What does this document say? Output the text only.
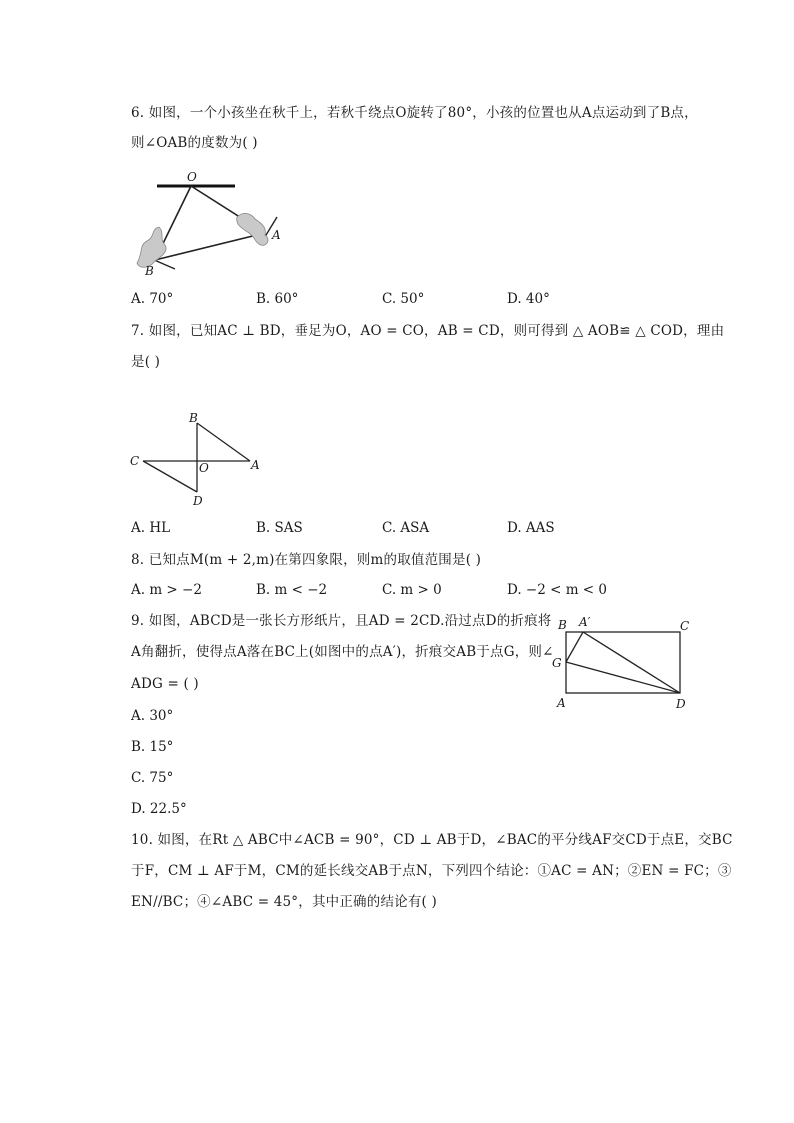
6. 如图，一个小孩坐在秋千上，若秋千绕点O旋转了80°，小孩的位置也从A点运动到了B点，
则∠OAB的度数为( )
O
A
B
A. 70°	B. 60°	C. 50°	D. 40°
7. 如图，已知AC ⊥ BD，垂足为O，AO = CO，AB = CD，则可得到 △ AOB≌ △ COD，理由
是( )
B
C	A
O
D
A. HL	B. SAS	C. ASA	D. AAS
8. 已知点M(m + 2,m)在第四象限，则m的取值范围是( )
A. m > −2	B. m < −2	C. m > 0	D. −2 < m < 0
9. 如图，ABCD是一张长方形纸片，且AD = 2CD.沿过点D的折痕将
A角翻折，使得点A落在BC上(如图中的点A′)，折痕交AB于点G，则∠
ADG = ( )
B A′	C
G
A	D
A. 30°
B. 15°
C. 75°
D. 22.5°
10. 如图，在Rt △ ABC中∠ACB = 90°，CD ⊥ AB于D，∠BAC的平分线AF交CD于点E，交BC
于F，CM ⊥ AF于M，CM的延长线交AB于点N，下列四个结论：①AC = AN；②EN = FC；③
EN//BC；④∠ABC = 45°，其中正确的结论有( )
